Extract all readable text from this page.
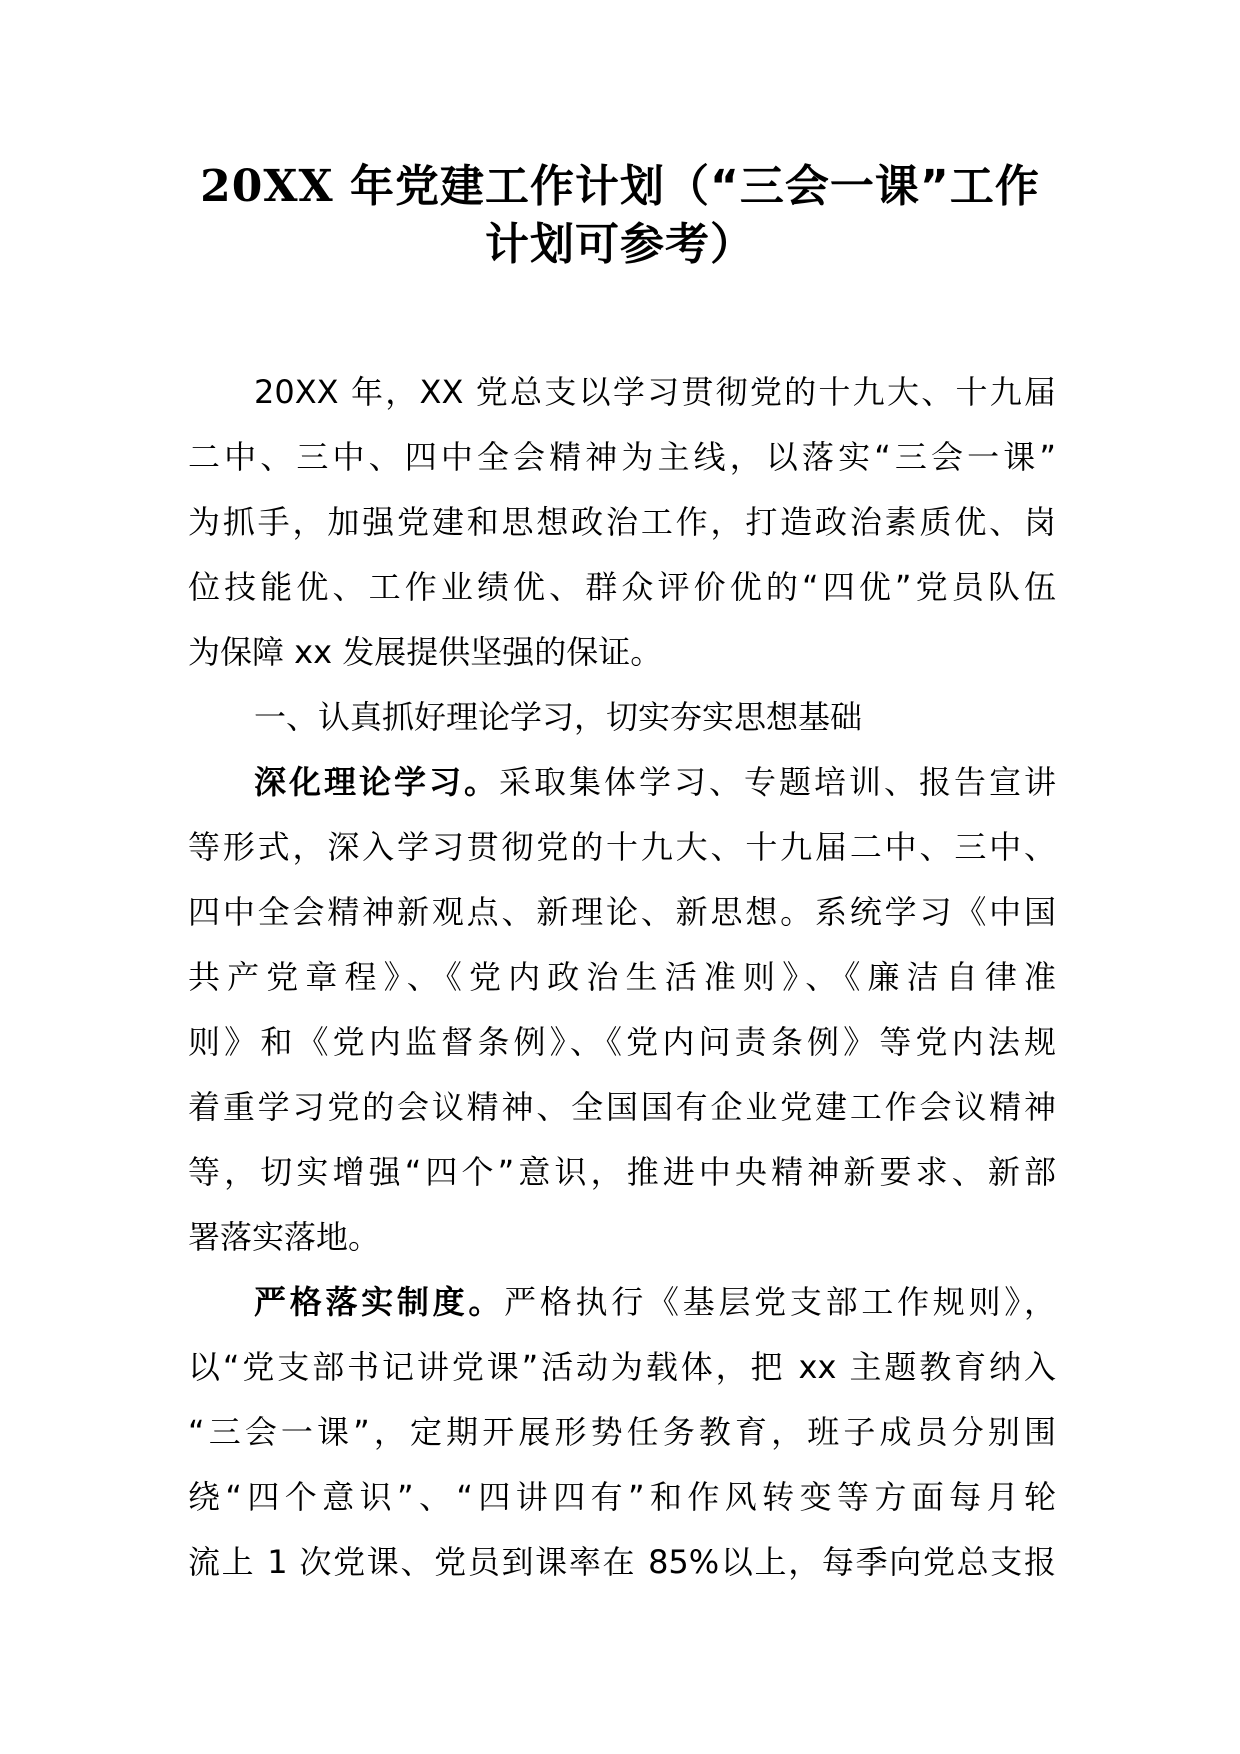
20XX 年党建工作计划（“三会一课”工作
计划可参考）
20XX 年，XX 党总支以学习贯彻党的十九大、十九届
二中、三中、四中全会精神为主线，以落实“三会一课”
为抓手，加强党建和思想政治工作，打造政治素质优、岗
位技能优、工作业绩优、群众评价优的“四优”党员队伍
为保障 xx 发展提供坚强的保证。
一、认真抓好理论学习，切实夯实思想基础
深化理论学习。采取集体学习、专题培训、报告宣讲
等形式，深入学习贯彻党的十九大、十九届二中、三中、
四中全会精神新观点、新理论、新思想。系统学习《中国
共产党章程》、《党内政治生活准则》、《廉洁自律准
则》和《党内监督条例》、《党内问责条例》等党内法规
着重学习党的会议精神、全国国有企业党建工作会议精神
等，切实增强“四个”意识，推进中央精神新要求、新部
署落实落地。
严格落实制度。严格执行《基层党支部工作规则》，
以“党支部书记讲党课”活动为载体，把 xx 主题教育纳入
“三会一课”，定期开展形势任务教育，班子成员分别围
绕“四个意识”、“四讲四有”和作风转变等方面每月轮
流上 1 次党课、党员到课率在 85%以上，每季向党总支报
